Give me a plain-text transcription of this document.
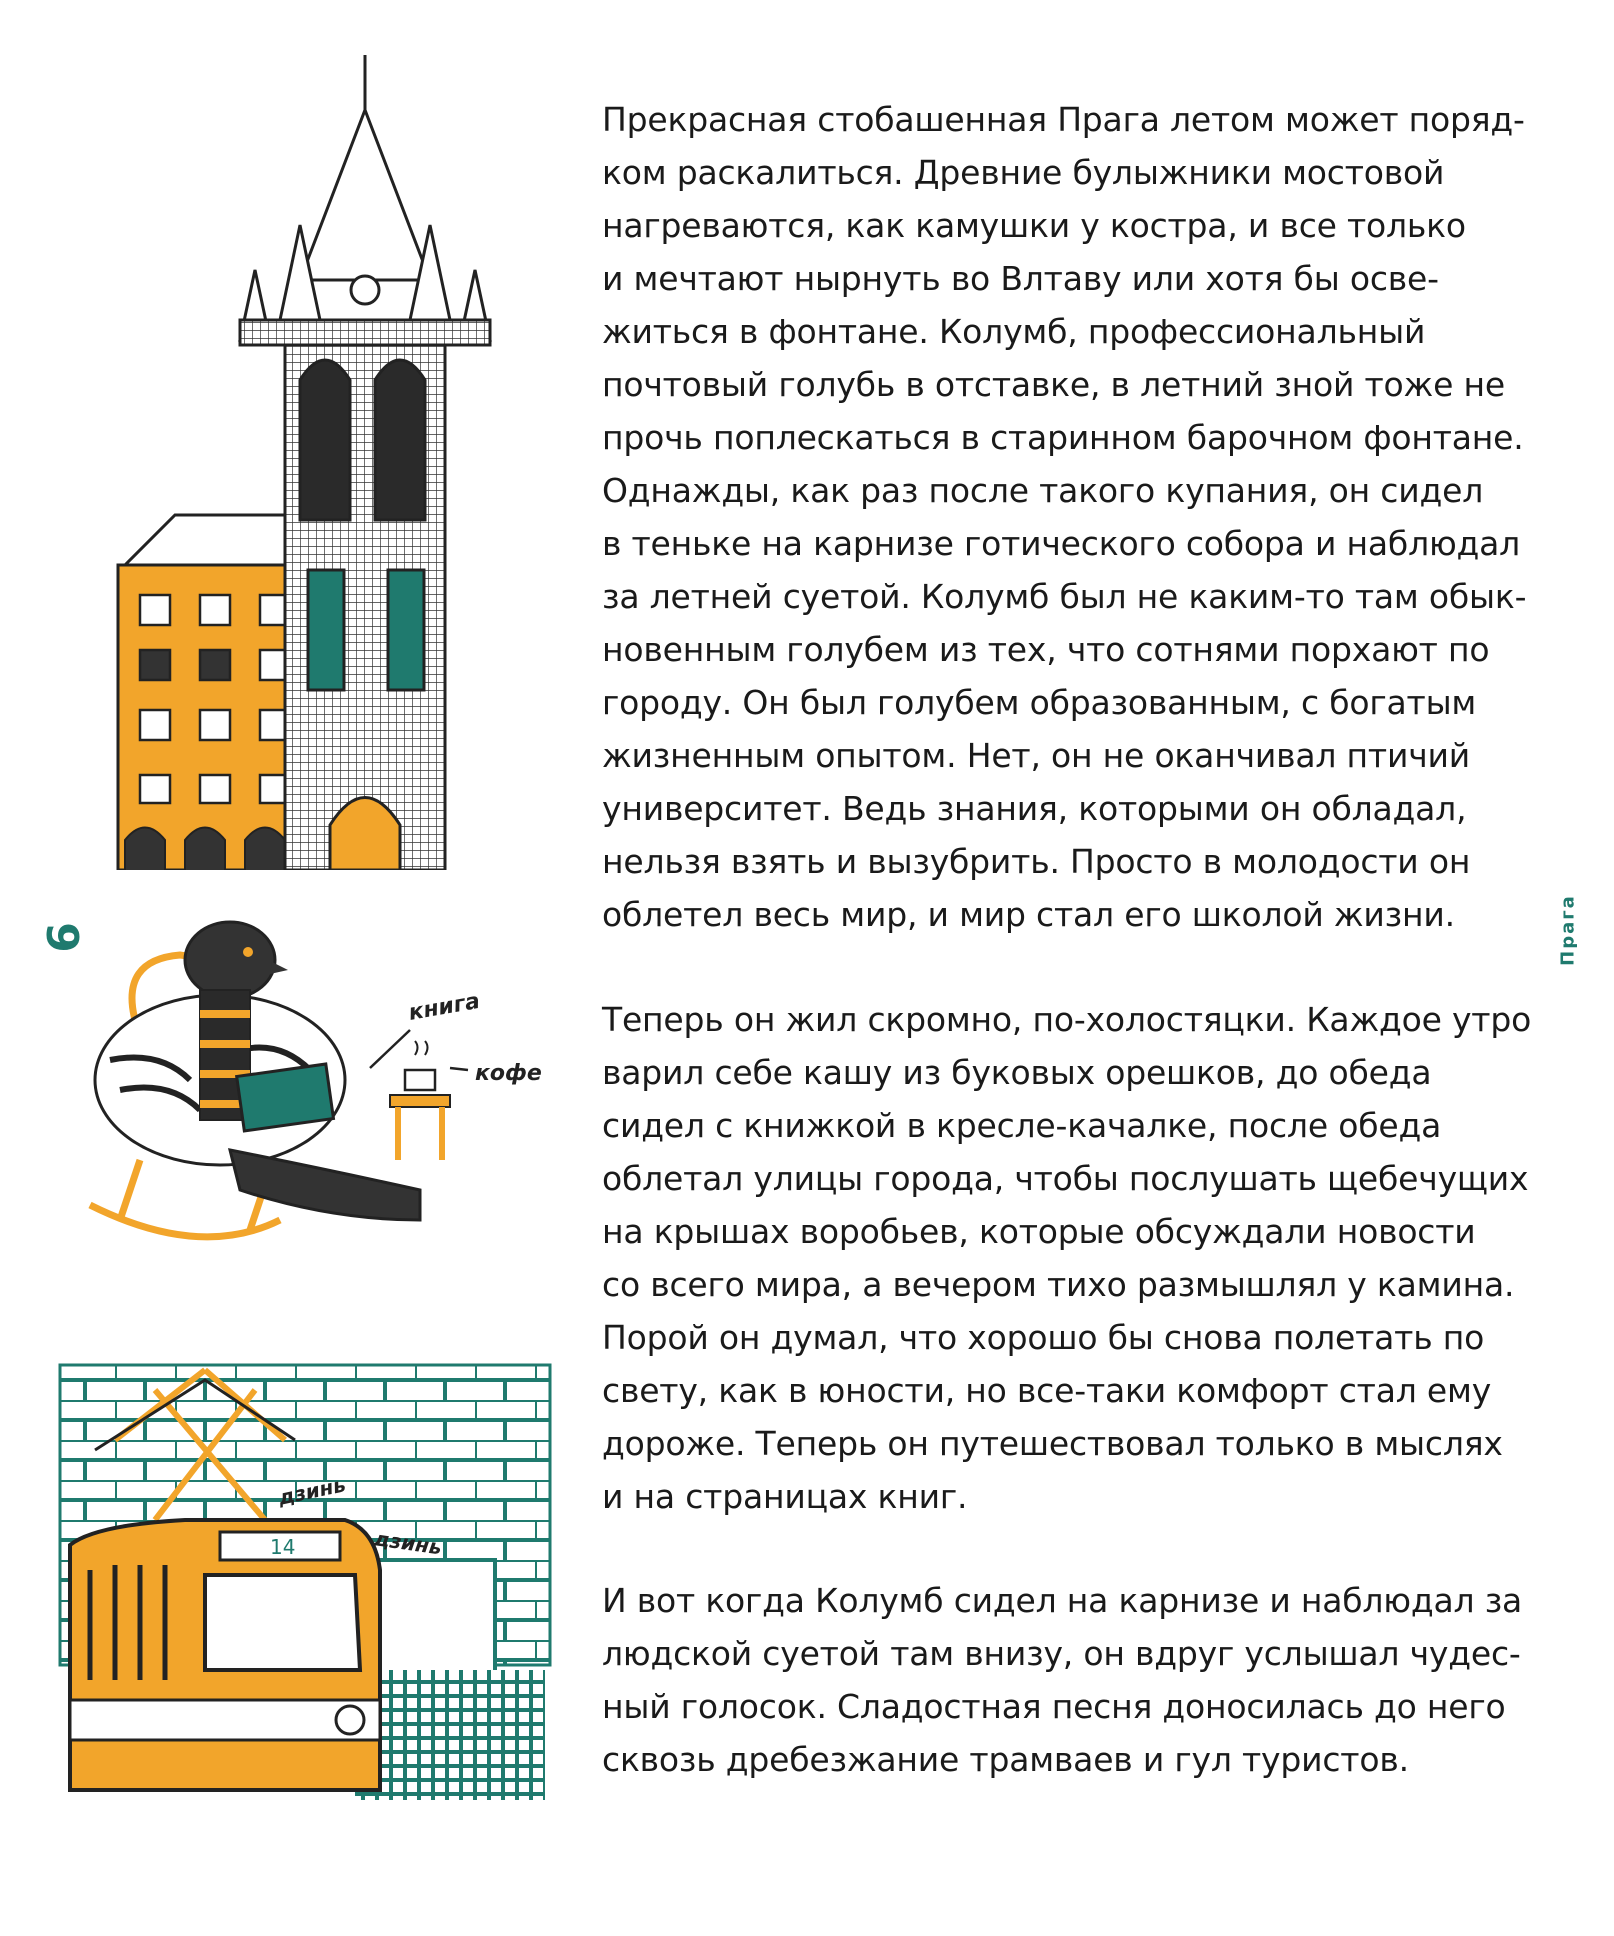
9	Прага

Прекрасная стобашенная Прага летом может поряд-
ком раскалиться. Древние булыжники мостовой
нагреваются, как камушки у костра, и все только
и мечтают нырнуть во Влтаву или хотя бы осве-
житься в фонтане. Колумб, профессиональный
почтовый голубь в отставке, в летний зной тоже не
прочь поплескаться в старинном барочном фонтане.
Однажды, как раз после такого купания, он сидел
в теньке на карнизе готического собора и наблюдал
за летней суетой. Колумб был не каким-то там обык-
новенным голубем из тех, что сотнями порхают по
городу. Он был голубем образованным, с богатым
жизненным опытом. Нет, он не оканчивал птичий
университет. Ведь знания, которыми он обладал,
нельзя взять и вызубрить. Просто в молодости он
облетел весь мир, и мир стал его школой жизни.

Теперь он жил скромно, по-холостяцки. Каждое утро
варил себе кашу из буковых орешков, до обеда
сидел с книжкой в кресле-качалке, после обеда
облетал улицы города, чтобы послушать щебечущих
на крышах воробьев, которые обсуждали новости
со всего мира, а вечером тихо размышлял у камина.
Порой он думал, что хорошо бы снова полетать по
свету, как в юности, но все-таки комфорт стал ему
дороже. Теперь он путешествовал только в мыслях
и на страницах книг.

И вот когда Колумб сидел на карнизе и наблюдал за
людской суетой там внизу, он вдруг услышал чудес-
ный голосок. Сладостная песня доносилась до него
сквозь дребезжание трамваев и гул туристов.

книга
кофе
14
дзинь
дзинь
